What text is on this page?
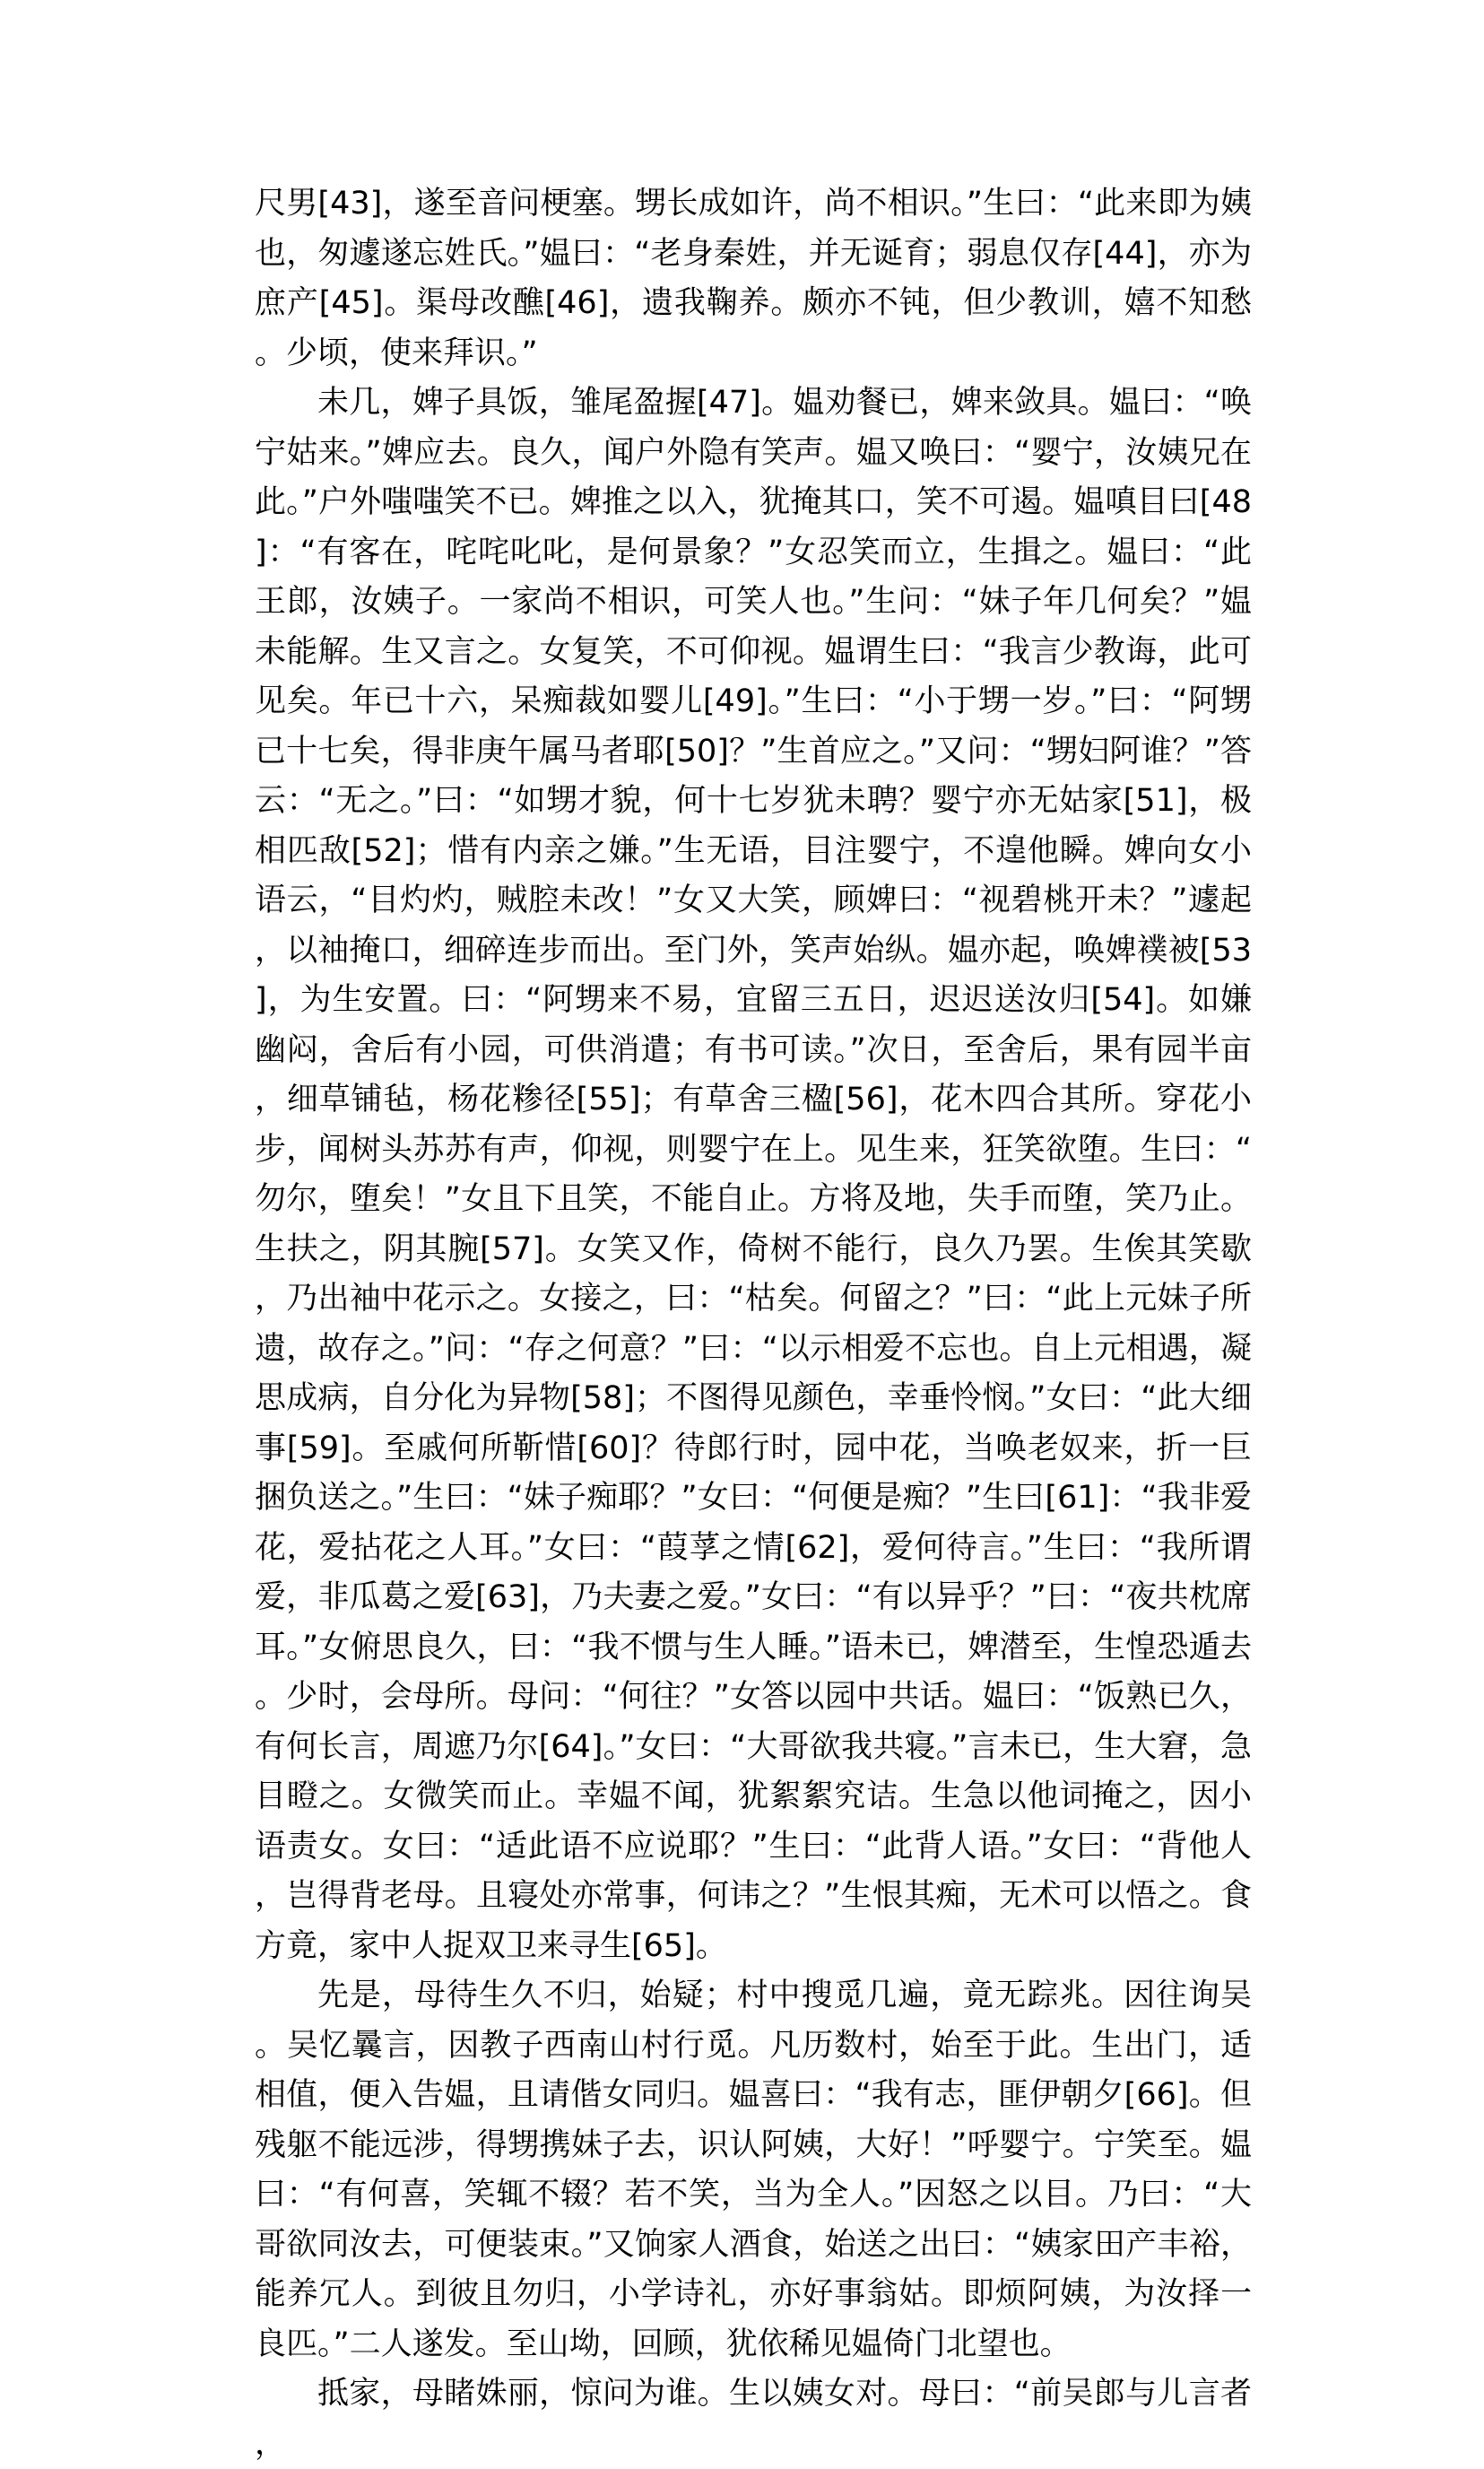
尺男[43]，遂至音问梗塞。甥长成如许，尚不相识。”生曰：“此来即为姨也，匆遽遂忘姓氏。”媪曰：“老身秦姓，并无诞育；弱息仅存[44]，亦为庶产[45]。渠母改醮[46]，遗我鞠养。颇亦不钝，但少教训，嬉不知愁。少顷，使来拜识。”

未几，婢子具饭，雏尾盈握[47]。媪劝餐已，婢来敛具。媪曰：“唤宁姑来。”婢应去。良久，闻户外隐有笑声。媪又唤曰：“婴宁，汝姨兄在此。”户外嗤嗤笑不已。婢推之以入，犹掩其口，笑不可遏。媪嗔目曰[48]：“有客在，咤咤叱叱，是何景象？”女忍笑而立，生揖之。媪曰：“此王郎，汝姨子。一家尚不相识，可笑人也。”生问：“妹子年几何矣？”媪未能解。生又言之。女复笑，不可仰视。媪谓生曰：“我言少教诲，此可见矣。年已十六，呆痴裁如婴儿[49]。”生曰：“小于甥一岁。”曰：“阿甥已十七矣，得非庚午属马者耶[50]？”生首应之。”又问：“甥妇阿谁？”答云：“无之。”曰：“如甥才貌，何十七岁犹未聘？婴宁亦无姑家[51]，极相匹敌[52]；惜有内亲之嫌。”生无语，目注婴宁，不遑他瞬。婢向女小语云，“目灼灼，贼腔未改！”女又大笑，顾婢曰：“视碧桃开未？”遽起，以袖掩口，细碎连步而出。至门外，笑声始纵。媪亦起，唤婢襆被[53]，为生安置。曰：“阿甥来不易，宜留三五日，迟迟送汝归[54]。如嫌幽闷，舍后有小园，可供消遣；有书可读。”次日，至舍后，果有园半亩，细草铺毡，杨花糁径[55]；有草舍三楹[56]，花木四合其所。穿花小步，闻树头苏苏有声，仰视，则婴宁在上。见生来，狂笑欲堕。生曰：“勿尔，堕矣！”女且下且笑，不能自止。方将及地，失手而堕，笑乃止。生扶之，阴其腕[57]。女笑又作，倚树不能行，良久乃罢。生俟其笑歇，乃出袖中花示之。女接之，曰：“枯矣。何留之？”曰：“此上元妹子所遗，故存之。”问：“存之何意？”曰：“以示相爱不忘也。自上元相遇，凝思成病，自分化为异物[58]；不图得见颜色，幸垂怜悯。”女曰：“此大细事[59]。至戚何所靳惜[60]？待郎行时，园中花，当唤老奴来，折一巨捆负送之。”生曰：“妹子痴耶？”女曰：“何便是痴？”生曰[61]：“我非爱花，爱拈花之人耳。”女曰：“葭莩之情[62]，爱何待言。”生曰：“我所谓爱，非瓜葛之爱[63]，乃夫妻之爱。”女曰：“有以异乎？”曰：“夜共枕席耳。”女俯思良久，曰：“我不惯与生人睡。”语未已，婢潜至，生惶恐遁去。少时，会母所。母问：“何往？”女答以园中共话。媪曰：“饭熟已久，有何长言，周遮乃尔[64]。”女曰：“大哥欲我共寝。”言未已，生大窘，急目瞪之。女微笑而止。幸媪不闻，犹絮絮究诘。生急以他词掩之，因小语责女。女曰：“适此语不应说耶？”生曰：“此背人语。”女曰：“背他人，岂得背老母。且寝处亦常事，何讳之？”生恨其痴，无术可以悟之。食方竟，家中人捉双卫来寻生[65]。

先是，母待生久不归，始疑；村中搜觅几遍，竟无踪兆。因往询吴。吴忆曩言，因教子西南山村行觅。凡历数村，始至于此。生出门，适相值，便入告媪，且请偕女同归。媪喜曰：“我有志，匪伊朝夕[66]。但残躯不能远涉，得甥携妹子去，识认阿姨，大好！”呼婴宁。宁笑至。媪曰：“有何喜，笑辄不辍？若不笑，当为全人。”因怒之以目。乃曰：“大哥欲同汝去，可便装束。”又饷家人酒食，始送之出曰：“姨家田产丰裕，能养冗人。到彼且勿归，小学诗礼，亦好事翁姑。即烦阿姨，为汝择一良匹。”二人遂发。至山坳，回顾，犹依稀见媪倚门北望也。

抵家，母睹姝丽，惊问为谁。生以姨女对。母曰：“前吴郎与儿言者，
